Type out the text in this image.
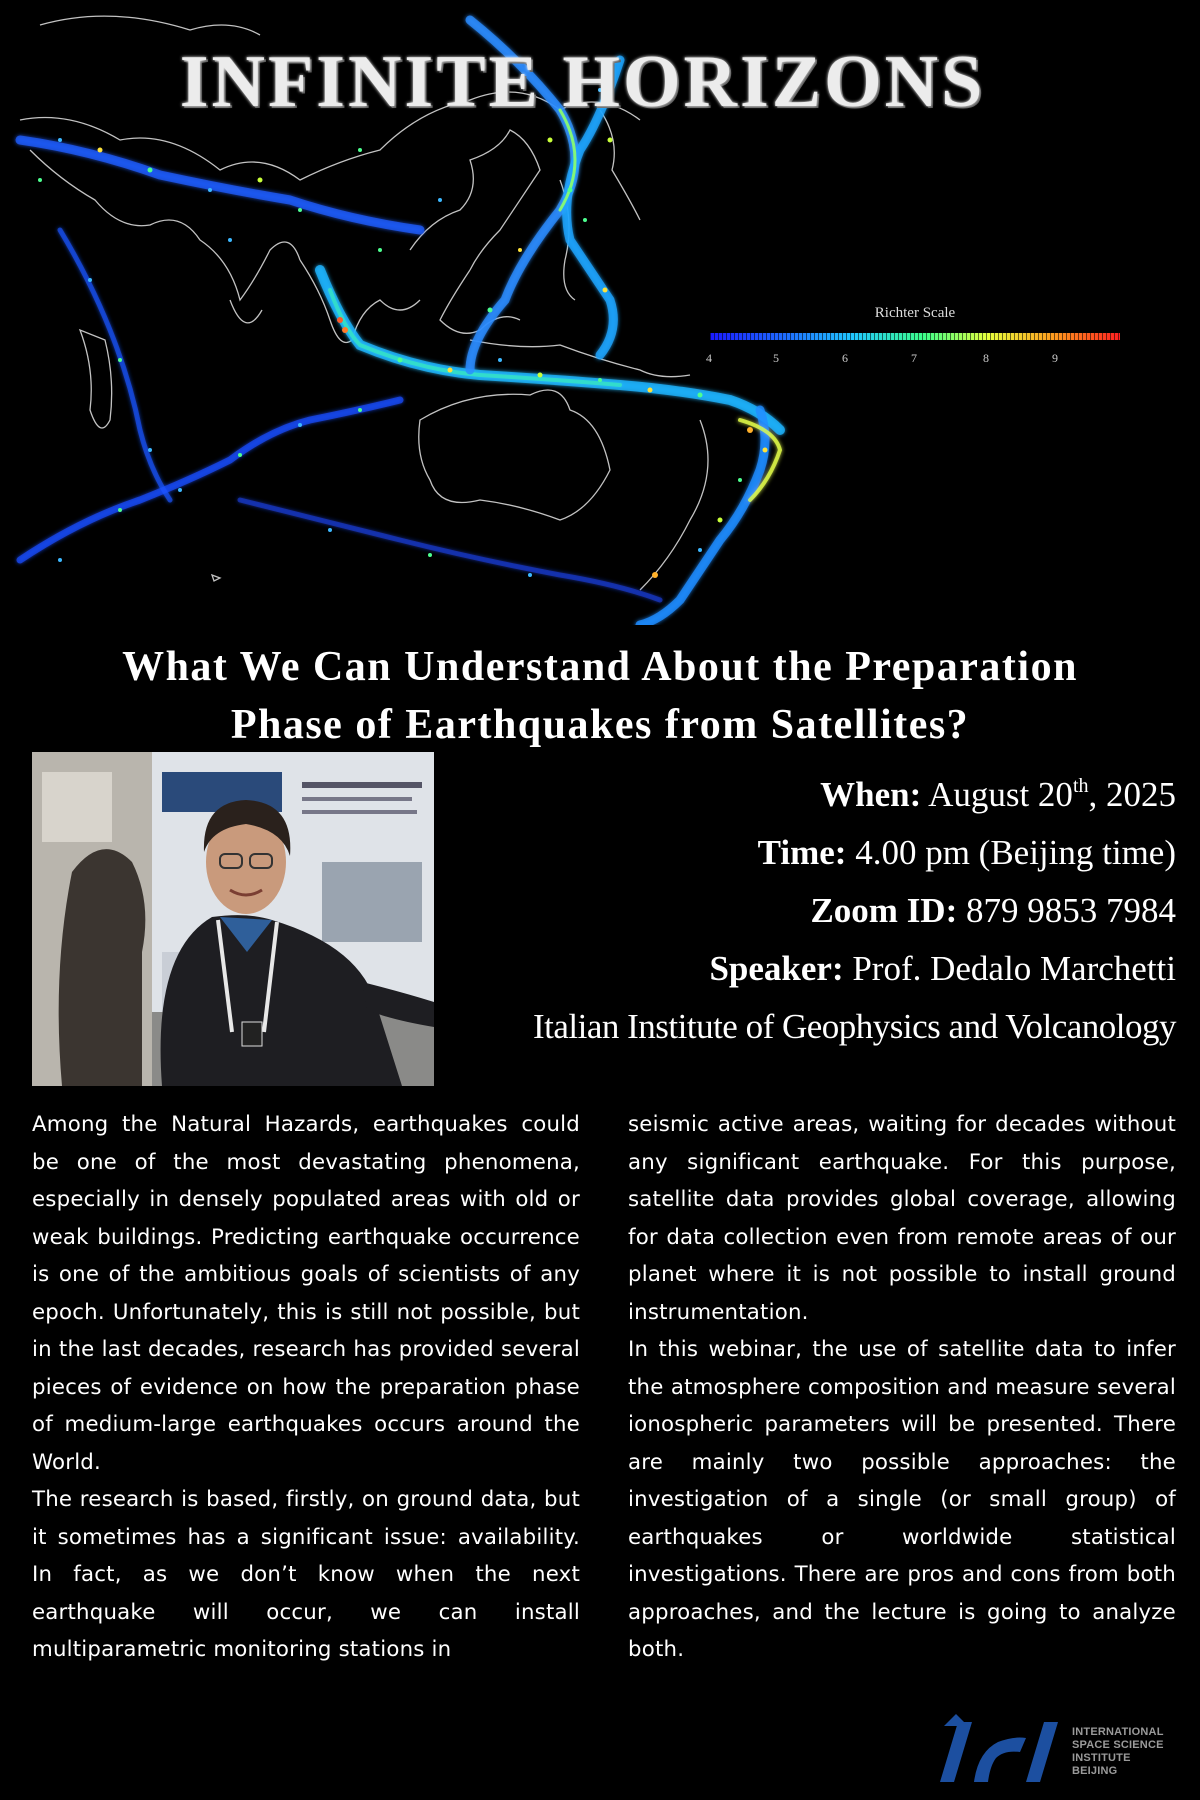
INFINITE HORIZONS
Richter Scale
4	5	6	7	8	9
What We Can Understand About the Preparation
Phase of Earthquakes from Satellites?
When: August 20th, 2025
Time: 4.00 pm (Beijing time)
Zoom ID: 879 9853 7984
Speaker: Prof. Dedalo Marchetti
Italian Institute of Geophysics and Volcanology

Among the Natural Hazards, earthquakes could be one of the most devastating phenomena, especially in densely populated areas with old or weak buildings. Predicting earthquake occurrence is one of the ambitious goals of scientists of any epoch. Unfortunately, this is still not possible, but in the last decades, research has provided several pieces of evidence on how the preparation phase of medium-large earthquakes occurs around the World.

The research is based, firstly, on ground data, but it sometimes has a significant issue: availability. In fact, as we don’t know when the next earthquake will occur, we can install multiparametric monitoring stations in

seismic active areas, waiting for decades without any significant earthquake. For this purpose, satellite data provides global coverage, allowing for data collection even from remote areas of our planet where it is not possible to install ground instrumentation.

In this webinar, the use of satellite data to infer the atmosphere composition and measure several ionospheric parameters will be presented. There are mainly two possible approaches: the investigation of a single (or small group) of earthquakes or worldwide statistical investigations. There are pros and cons from both approaches, and the lecture is going to analyze both.

INTERNATIONAL
SPACE SCIENCE
INSTITUTE
BEIJING
